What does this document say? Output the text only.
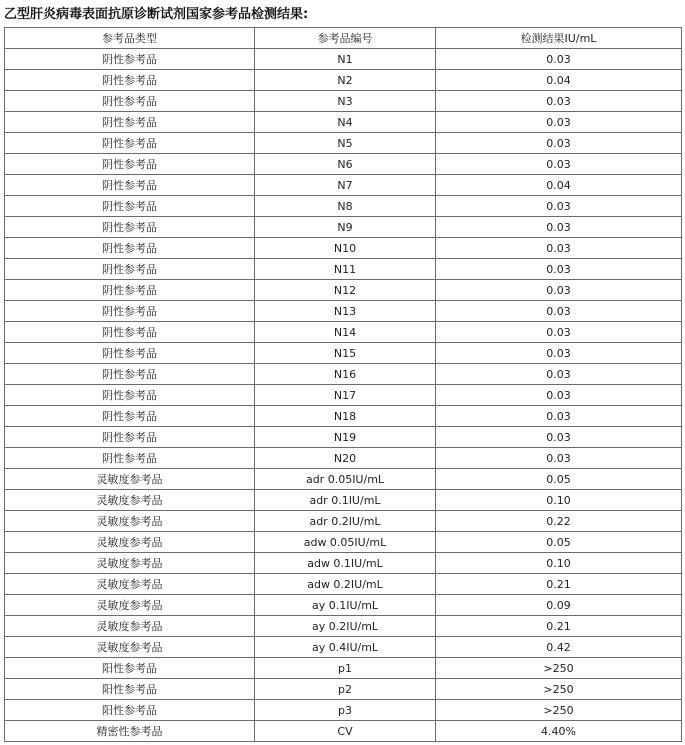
乙型肝炎病毒表面抗原诊断试剂国家参考品检测结果:
参考品类型	参考品编号	检测结果IU/mL
阴性参考品	N1	0.03
阴性参考品	N2	0.04
阴性参考品	N3	0.03
阴性参考品	N4	0.03
阴性参考品	N5	0.03
阴性参考品	N6	0.03
阴性参考品	N7	0.04
阴性参考品	N8	0.03
阴性参考品	N9	0.03
阴性参考品	N10	0.03
阴性参考品	N11	0.03
阴性参考品	N12	0.03
阴性参考品	N13	0.03
阴性参考品	N14	0.03
阴性参考品	N15	0.03
阴性参考品	N16	0.03
阴性参考品	N17	0.03
阴性参考品	N18	0.03
阴性参考品	N19	0.03
阴性参考品	N20	0.03
灵敏度参考品	adr 0.05IU/mL	0.05
灵敏度参考品	adr 0.1IU/mL	0.10
灵敏度参考品	adr 0.2IU/mL	0.22
灵敏度参考品	adw 0.05IU/mL	0.05
灵敏度参考品	adw 0.1IU/mL	0.10
灵敏度参考品	adw 0.2IU/mL	0.21
灵敏度参考品	ay 0.1IU/mL	0.09
灵敏度参考品	ay 0.2IU/mL	0.21
灵敏度参考品	ay 0.4IU/mL	0.42
阳性参考品	p1	>250
阳性参考品	p2	>250
阳性参考品	p3	>250
精密性参考品	CV	4.40%
